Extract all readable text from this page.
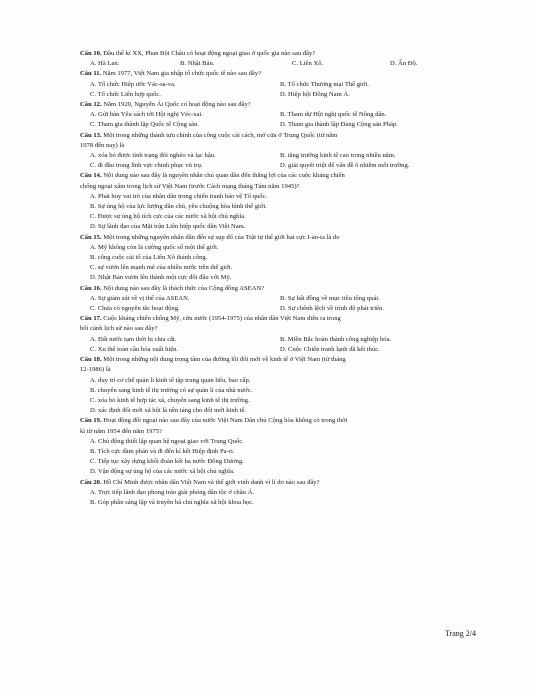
Câu 10. Đầu thế kỉ XX, Phan Bội Châu có hoạt động ngoại giao ở quốc gia nào sau đây?

A. Hà Lan.	B. Nhật Bản.	C. Liên Xô.	D. Ấn Độ.

Câu 11. Năm 1977, Việt Nam gia nhập tổ chức quốc tế nào sau đây?

A. Tổ chức Hiệp ước Vác-sa-va.	B. Tổ chức Thương mại Thế giới.
C. Tổ chức Liên hợp quốc.	D. Hiệp hội Đông Nam Á.

Câu 12. Năm 1920, Nguyễn Ái Quốc có hoạt động nào sau đây?

A. Gửi bản Yêu sách tới Hội nghị Véc-xai.	B. Tham dự Hội nghị quốc tế Nông dân.
C. Tham gia thành lập Quốc tế Cộng sản.	D. Tham gia thành lập Đảng Cộng sản Pháp.

Câu 13. Một trong những thành tựu chính của công cuộc cải cách, mở cửa ở Trung Quốc (từ năm

1978 đến nay) là

A. xóa bỏ được tình trạng đói nghèo và lạc hậu.	B. tăng trưởng kinh tế cao trong nhiều năm.
C. đi đầu trong lĩnh vực chinh phục vũ trụ.	D. giải quyết triệt để vấn đề ô nhiễm môi trường.

Câu 14. Nội dung nào sau đây là nguyên nhân chủ quan dẫn đến thắng lợi của các cuộc kháng chiến

chống ngoại xâm trong lịch sử Việt Nam (trước Cách mạng tháng Tám năm 1945)?

A. Phát huy vai trò của nhân dân trong chiến tranh bảo vệ Tổ quốc.
B. Sự ủng hộ của lực lượng dân chủ, yêu chuộng hòa bình thế giới.
C. Được sự ủng hộ tích cực của các nước xã hội chủ nghĩa.
D. Sự lãnh đạo của Mặt trận Liên hiệp quốc dân Việt Nam.

Câu 15. Một trong những nguyên nhân dẫn đến sự sụp đổ của Trật tự thế giới hai cực I-an-ta là do

A. Mỹ không còn là cường quốc số một thế giới.
B. công cuộc cải tổ của Liên Xô thành công.
C. sự vươn lên mạnh mẽ của nhiều nước trên thế giới.
D. Nhật Bản vươn lên thành một cực đối đầu với Mỹ.

Câu 16. Nội dung nào sau đây là thách thức của Cộng đồng ASEAN?

A. Sự giảm sút về vị thế của ASEAN.	B. Sự bất đồng về mục tiêu tổng quát.
C. Chưa có nguyên tắc hoạt động.	D. Sự chênh lệch về trình độ phát triển.

Câu 17. Cuộc kháng chiến chống Mỹ, cứu nước (1954-1975) của nhân dân Việt Nam diễn ra trong

bối cảnh lịch sử nào sau đây?

A. Đất nước tạm thời bị chia cắt.	B. Miền Bắc hoàn thành công nghiệp hóa.
C. Xu thế toàn cầu hóa xuất hiện.	D. Cuộc Chiến tranh lạnh đã kết thúc.

Câu 18. Một trong những nội dung trọng tâm của đường lối đổi mới về kinh tế ở Việt Nam (từ tháng

12-1986) là

A. duy trì cơ chế quản lí kinh tế tập trung quan liêu, bao cấp.
B. chuyển sang kinh tế thị trường có sự quản lí của nhà nước.
C. xóa bỏ kinh tế hợp tác xã, chuyển sang kinh tế thị trường.
D. xác định đổi mới xã hội là nền tảng cho đổi mới kinh tế.

Câu 19. Hoạt động đối ngoại nào sau đây của nước Việt Nam Dân chủ Cộng hòa không có trong thời

kì từ năm 1954 đến năm 1975?

A. Chủ động thiết lập quan hệ ngoại giao với Trung Quốc.
B. Tích cực đàm phán và đi đến kí kết Hiệp định Pa-ri.
C. Tiếp tục xây dựng khối đoàn kết ba nước Đông Dương.
D. Vận động sự ủng hộ của các nước xã hội chủ nghĩa.

Câu 20. Hồ Chí Minh được nhân dân Việt Nam và thế giới vinh danh vì lí do nào sau đây?

A. Trực tiếp lãnh đạo phong trào giải phóng dân tộc ở châu Á.
B. Góp phần sáng lập và truyền bá chủ nghĩa xã hội khoa học.
Trang 2/4
